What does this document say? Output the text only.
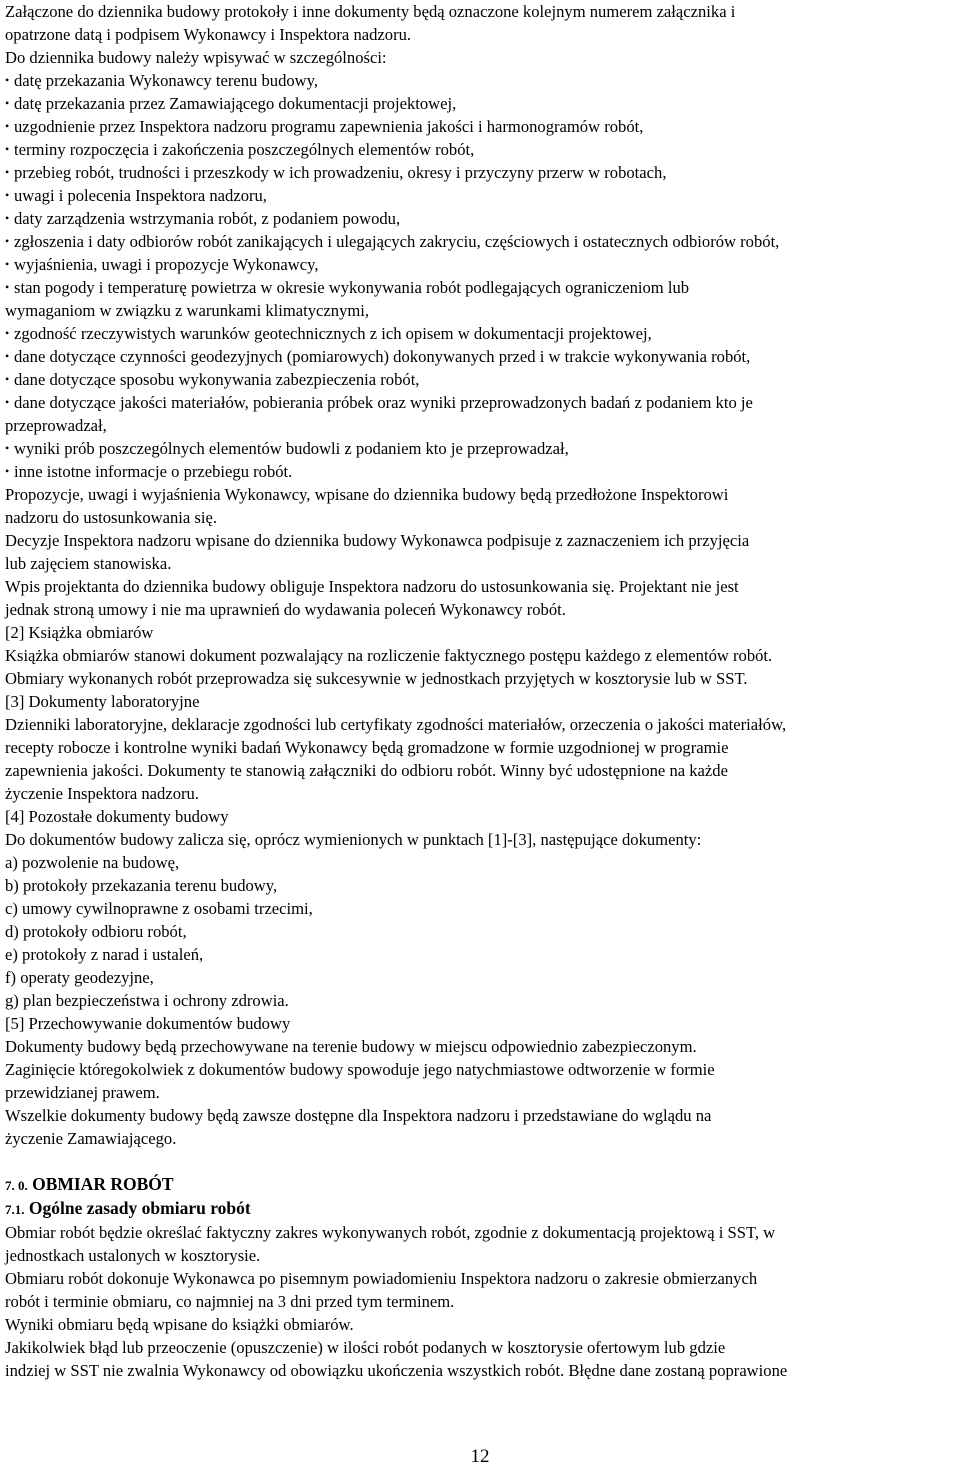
Załączone do dziennika budowy protokoły i inne dokumenty będą oznaczone kolejnym numerem załącznika i

opatrzone datą i podpisem Wykonawcy i Inspektora nadzoru.

Do dziennika budowy należy wpisywać w szczególności:

• datę przekazania Wykonawcy terenu budowy,

• datę przekazania przez Zamawiającego dokumentacji projektowej,

• uzgodnienie przez Inspektora nadzoru programu zapewnienia jakości i harmonogramów robót,

• terminy rozpoczęcia i zakończenia poszczególnych elementów robót,

• przebieg robót, trudności i przeszkody w ich prowadzeniu, okresy i przyczyny przerw w robotach,

• uwagi i polecenia Inspektora nadzoru,

• daty zarządzenia wstrzymania robót, z podaniem powodu,

• zgłoszenia i daty odbiorów robót zanikających i ulegających zakryciu, częściowych i ostatecznych odbiorów robót,

• wyjaśnienia, uwagi i propozycje Wykonawcy,

• stan pogody i temperaturę powietrza w okresie wykonywania robót podlegających ograniczeniom lub

wymaganiom w związku z warunkami klimatycznymi,

• zgodność rzeczywistych warunków geotechnicznych z ich opisem w dokumentacji projektowej,

• dane dotyczące czynności geodezyjnych (pomiarowych) dokonywanych przed i w trakcie wykonywania robót,

• dane dotyczące sposobu wykonywania zabezpieczenia robót,

• dane dotyczące jakości materiałów, pobierania próbek oraz wyniki przeprowadzonych badań z podaniem kto je

przeprowadzał,

• wyniki prób poszczególnych elementów budowli z podaniem kto je przeprowadzał,

• inne istotne informacje o przebiegu robót.

Propozycje, uwagi i wyjaśnienia Wykonawcy, wpisane do dziennika budowy będą przedłożone Inspektorowi

nadzoru do ustosunkowania się.

Decyzje Inspektora nadzoru wpisane do dziennika budowy Wykonawca podpisuje z zaznaczeniem ich przyjęcia

lub zajęciem stanowiska.

Wpis projektanta do dziennika budowy obliguje Inspektora nadzoru do ustosunkowania się. Projektant nie jest

jednak stroną umowy i nie ma uprawnień do wydawania poleceń Wykonawcy robót.

[2] Książka obmiarów

Książka obmiarów stanowi dokument pozwalający na rozliczenie faktycznego postępu każdego z elementów robót.

Obmiary wykonanych robót przeprowadza się sukcesywnie w jednostkach przyjętych w kosztorysie lub w SST.

[3] Dokumenty laboratoryjne

Dzienniki laboratoryjne, deklaracje zgodności lub certyfikaty zgodności materiałów, orzeczenia o jakości materiałów,

recepty robocze i kontrolne wyniki badań Wykonawcy będą gromadzone w formie uzgodnionej w programie

zapewnienia jakości. Dokumenty te stanowią załączniki do odbioru robót. Winny być udostępnione na każde

życzenie Inspektora nadzoru.

[4] Pozostałe dokumenty budowy

Do dokumentów budowy zalicza się, oprócz wymienionych w punktach [1]-[3], następujące dokumenty:

a) pozwolenie na budowę,

b) protokoły przekazania terenu budowy,

c) umowy cywilnoprawne z osobami trzecimi,

d) protokoły odbioru robót,

e) protokoły z narad i ustaleń,

f) operaty geodezyjne,

g) plan bezpieczeństwa i ochrony zdrowia.

[5] Przechowywanie dokumentów budowy

Dokumenty budowy będą przechowywane na terenie budowy w miejscu odpowiednio zabezpieczonym.

Zaginięcie któregokolwiek z dokumentów budowy spowoduje jego natychmiastowe odtworzenie w formie

przewidzianej prawem.

Wszelkie dokumenty budowy będą zawsze dostępne dla Inspektora nadzoru i przedstawiane do wglądu na

życzenie Zamawiającego.

7. 0. OBMIAR ROBÓT

7.1. Ogólne zasady obmiaru robót

Obmiar robót będzie określać faktyczny zakres wykonywanych robót, zgodnie z dokumentacją projektową i SST, w

jednostkach ustalonych w kosztorysie.

Obmiaru robót dokonuje Wykonawca po pisemnym powiadomieniu Inspektora nadzoru o zakresie obmierzanych

robót i terminie obmiaru, co najmniej na 3 dni przed tym terminem.

Wyniki obmiaru będą wpisane do książki obmiarów.

Jakikolwiek błąd lub przeoczenie (opuszczenie) w ilości robót podanych w kosztorysie ofertowym lub gdzie

indziej w SST nie zwalnia Wykonawcy od obowiązku ukończenia wszystkich robót. Błędne dane zostaną poprawione

12
